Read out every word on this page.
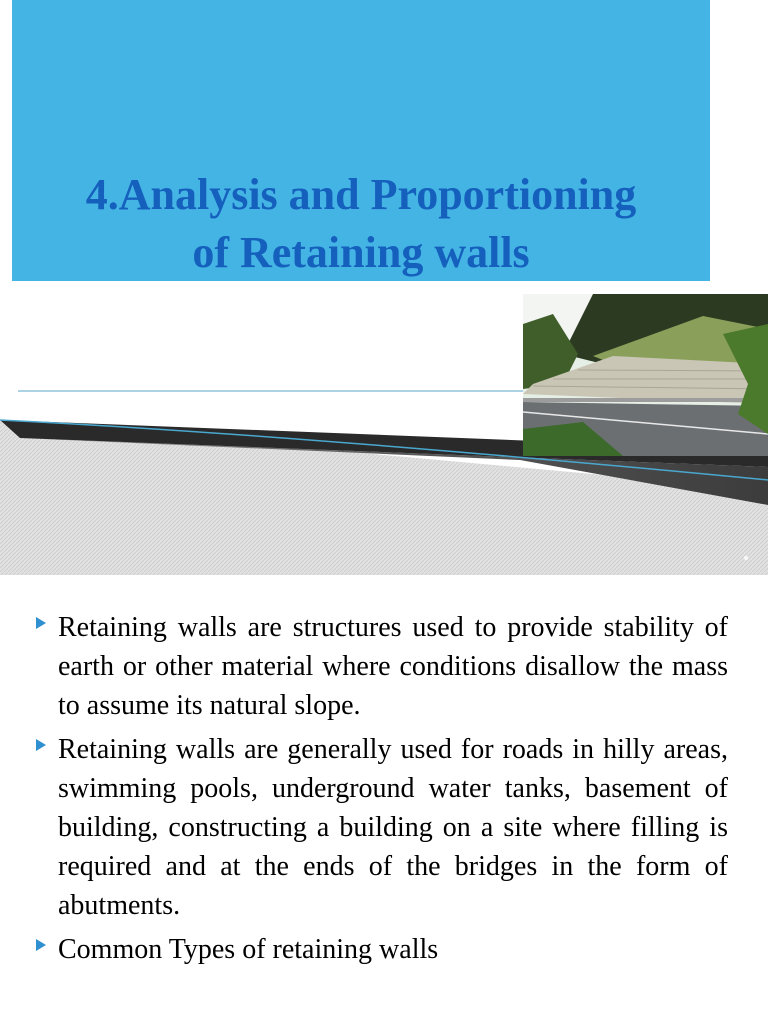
4.Analysis and Proportioning
of Retaining walls
Retaining walls are structures used to provide stability of earth or other material where conditions disallow the mass to assume its natural slope.
Retaining walls are generally used for roads in hilly areas, swimming pools, underground water tanks, basement of building, constructing a building on a site where filling is required and at the ends of the bridges in the form of abutments.
Common Types of retaining walls
